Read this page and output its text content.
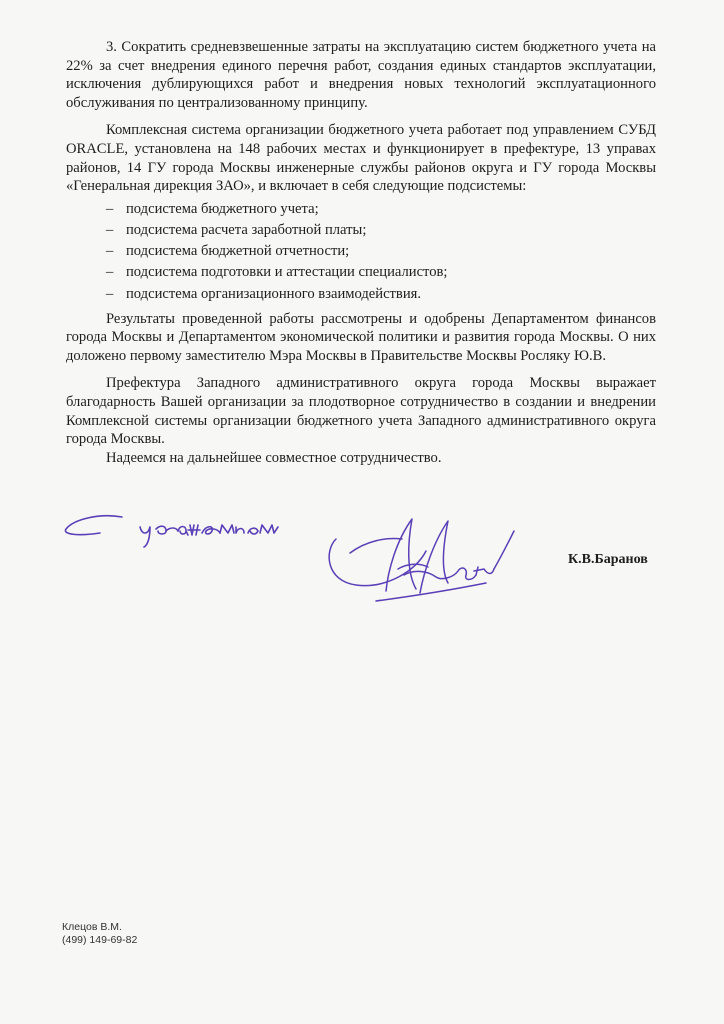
3. Сократить средневзвешенные затраты на эксплуатацию систем бюджетного учета на 22% за счет внедрения единого перечня работ, создания единых стандартов эксплуатации, исключения дублирующихся работ и внедрения новых технологий эксплуатационного обслуживания по централизованному принципу.

Комплексная система организации бюджетного учета работает под управлением СУБД ORACLE, установлена на 148 рабочих местах и функционирует в префектуре, 13 управах районов, 14 ГУ города Москвы инженерные службы районов округа и ГУ города Москвы «Генеральная дирекция ЗАО», и включает в себя следующие подсистемы:

– подсистема бюджетного учета;
– подсистема расчета заработной платы;
– подсистема бюджетной отчетности;
– подсистема подготовки и аттестации специалистов;
– подсистема организационного взаимодействия.

Результаты проведенной работы рассмотрены и одобрены Департаментом финансов города Москвы и Департаментом экономической политики и развития города Москвы. О них доложено первому заместителю Мэра Москвы в Правительстве Москвы Росляку Ю.В.

Префектура Западного административного округа города Москвы выражает благодарность Вашей организации за плодотворное сотрудничество в создании и внедрении Комплексной системы организации бюджетного учета Западного административного округа города Москвы.

Надеемся на дальнейшее совместное сотрудничество.

К.В.Баранов
Клецов В.М.
(499) 149-69-82
